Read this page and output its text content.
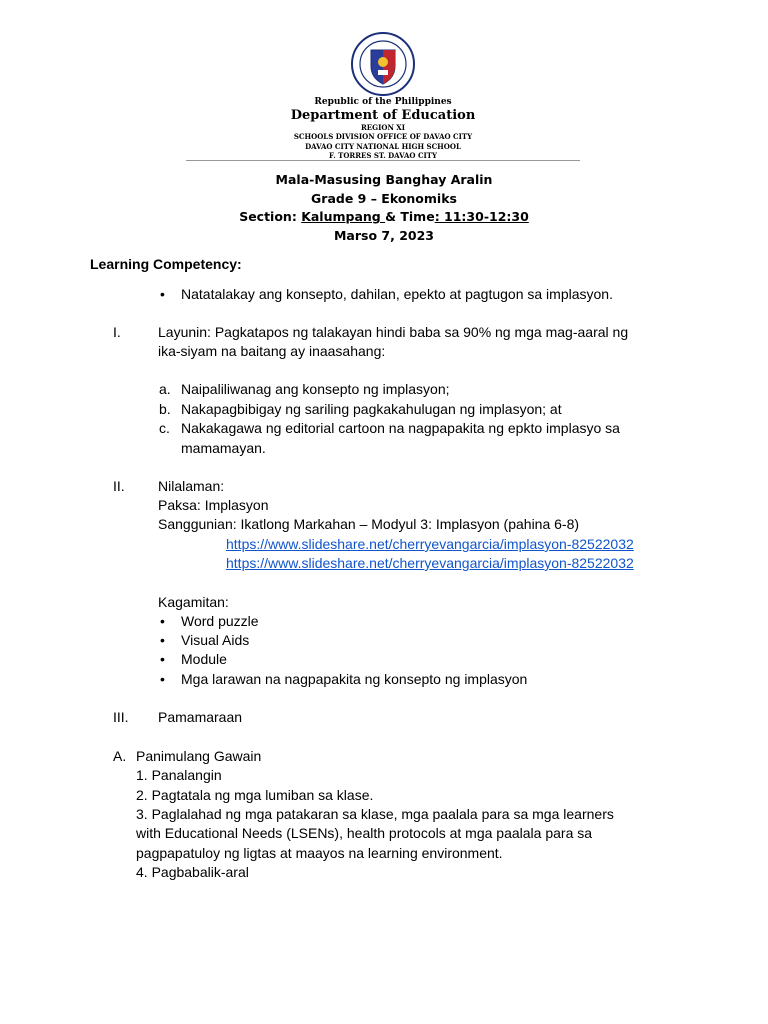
Republic of the Philippines
Department of Education
REGION XI
SCHOOLS DIVISION OFFICE OF DAVAO CITY
DAVAO CITY NATIONAL HIGH SCHOOL
F. TORRES ST. DAVAO CITY
Mala-Masusing Banghay Aralin
Grade 9 – Ekonomiks
Section: Kalumpang & Time: 11:30-12:30
Marso 7, 2023
Learning Competency:
• Natatalakay ang konsepto, dahilan, epekto at pagtugon sa implasyon.
I.	Layunin: Pagkatapos ng talakayan hindi baba sa 90% ng mga mag-aaral ng
ika-siyam na baitang ay inaasahang:
a. Naipaliliwanag ang konsepto ng implasyon;
b. Nakapagbibigay ng sariling pagkakahulugan ng implasyon; at
c. Nakakagawa ng editorial cartoon na nagpapakita ng epkto implasyo sa
mamamayan.
II. Nilalaman:
Paksa: Implasyon
Sanggunian: Ikatlong Markahan – Modyul 3: Implasyon (pahina 6-8)
https://www.slideshare.net/cherryevangarcia/implasyon-82522032
https://www.slideshare.net/cherryevangarcia/implasyon-82522032
Kagamitan:
• Word puzzle
• Visual Aids
• Module
• Mga larawan na nagpapakita ng konsepto ng implasyon
III. Pamamaraan
A. Panimulang Gawain
1. Panalangin
2. Pagtatala ng mga lumiban sa klase.
3. Paglalahad ng mga patakaran sa klase, mga paalala para sa mga learners
with Educational Needs (LSENs), health protocols at mga paalala para sa
pagpapatuloy ng ligtas at maayos na learning environment.
4. Pagbabalik-aral
